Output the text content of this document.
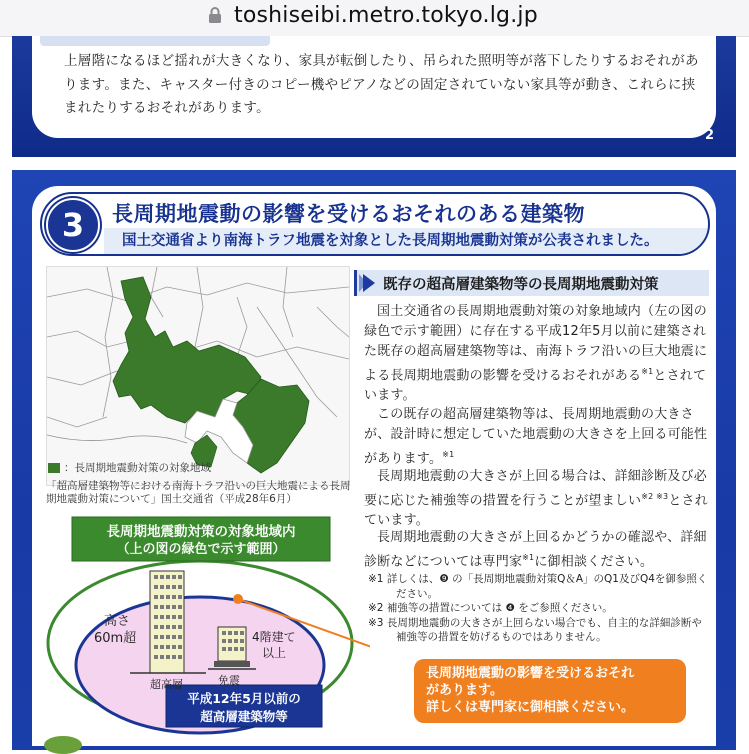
toshiseibi.metro.tokyo.lg.jp
上層階になるほど揺れが大きくなり、家具が転倒したり、吊られた照明等が落下したりするおそれがあります。また、キャスター付きのコピー機やピアノなどの固定されていない家具等が動き、これらに挟まれたりするおそれがあります。
2
3	長周期地震動の影響を受けるおそれのある建築物
国土交通省より南海トラフ地震を対象とした長周期地震動対策が公表されました。
：長周期地震動対策の対象地域
「超高層建築物等における南海トラフ沿いの巨大地震による長周期地震動対策について」国土交通省（平成28年6月）
既存の超高層建築物等の長周期地震動対策
国土交通省の長周期地震動対策の対象地域内（左の図の緑色で示す範囲）に存在する平成12年5月以前に建築された既存の超高層建築物等は、南海トラフ沿いの巨大地震による長周期地震動の影響を受けるおそれがある$^{※1}$とされています。
この既存の超高層建築物等は、長周期地震動の大きさが、設計時に想定していた地震動の大きさを上回る可能性があります。$^{※1}$
長周期地震動の大きさが上回る場合は、詳細診断及び必要に応じた補強等の措置を行うことが望ましい$^{※2 ※3}$とされています。
長周期地震動の大きさが上回るかどうかの確認や、詳細診断などについては専門家$^{※1}$に御相談ください。
※1 詳しくは、❾ の「長周期地震動対策Q＆A」のQ1及びQ4を御参照ください。
※2 補強等の措置については ❹ をご参照ください。
※3 長周期地震動の大きさが上回らない場合でも、自主的な詳細診断や補強等の措置を妨げるものではありません。
長周期地震動対策の対象地域内
（上の図の緑色で示す範囲）
高さ
60m超
超高層	免震
4階建て
以上
平成12年5月以前の
超高層建築物等
長周期地震動の影響を受けるおそれ
があります。
詳しくは専門家に御相談ください。
